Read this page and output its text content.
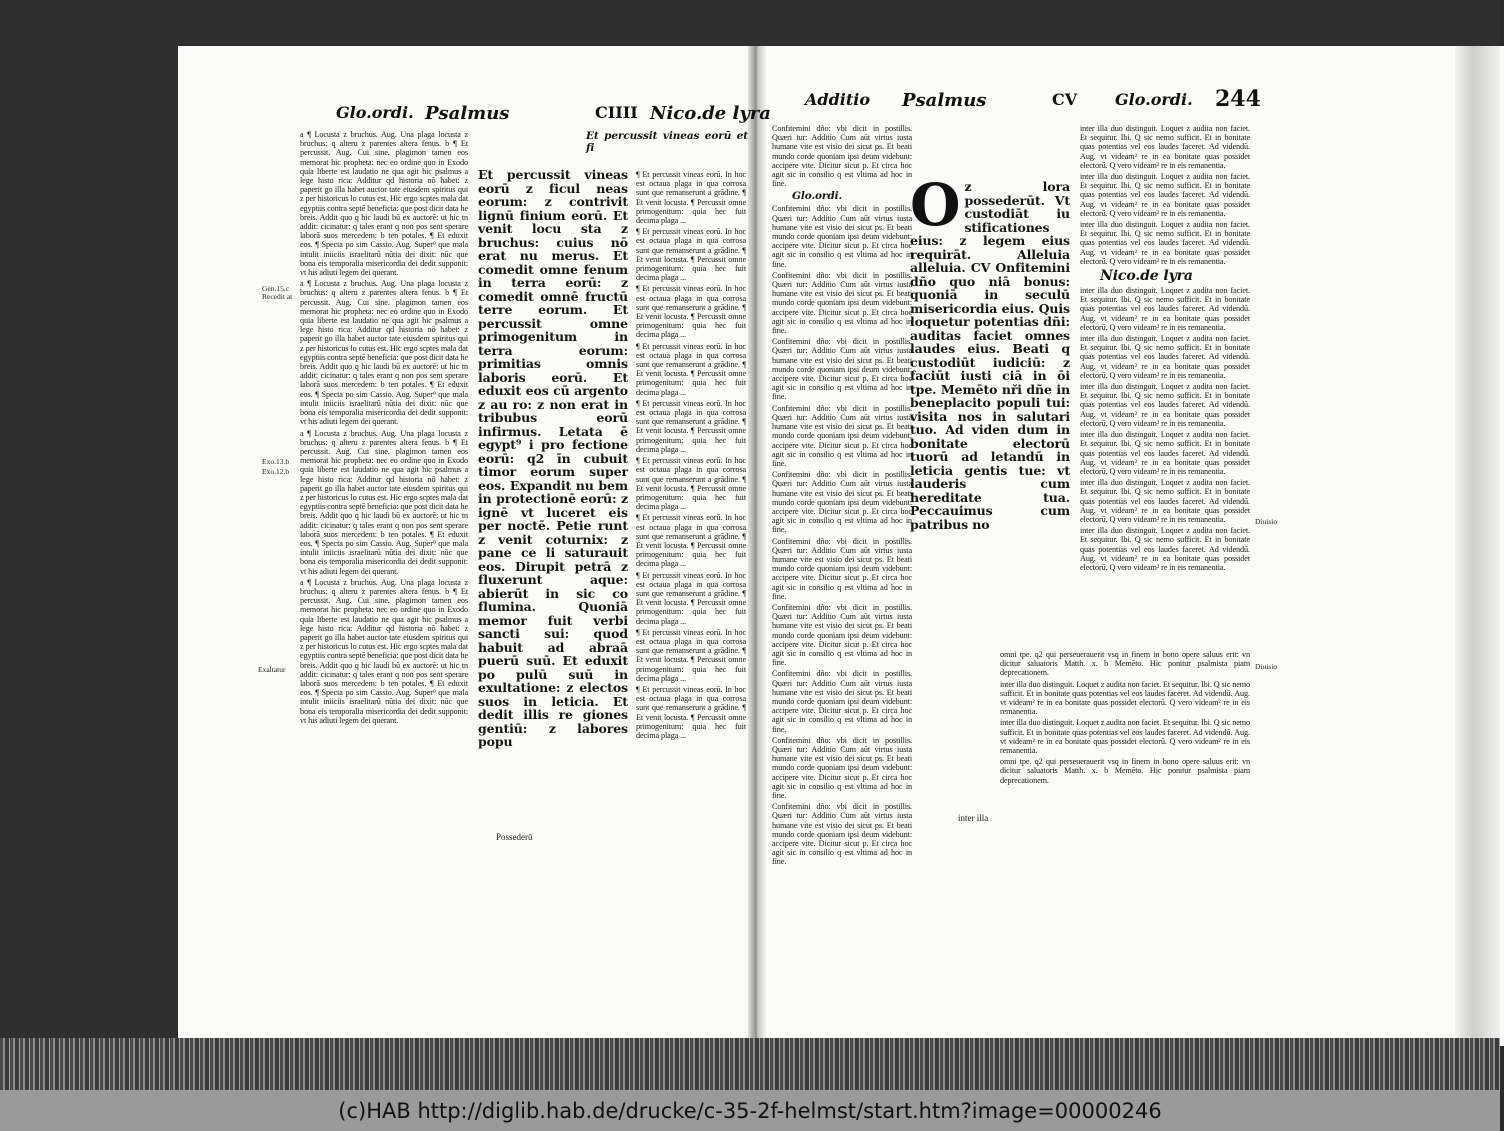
Glo.ordi. Psalmus	CIIII Nico.de lyra

a ¶ Locusta z bruchus. Aug. Una plaga locusta z bruchus: q alteru z parentes altera fenus. b ¶ Et percussit. Aug. Cui sine. plagimon tamen eos memorat hic propheta: nec eo ordine quo in Exodo quia liberte est laudatio ne qua agit hic psalmus a lege histo rica: Additur qd historia nō habet: z paperit go illa habet auctor tate eiusdem spiritus qui z per historicus lo cutus est. Hic ergo scptes mala dat egyptiis contra septē beneficia: que post dicit data he breis. Addit quo q hic laudi bū ex auctorē: ut hic tn addit: cicinatur: q tales erant q non pos sent sperare laborā suos mercedem: b ten potales. ¶ Et eduxit eos. ¶ Specta po sim Cassio. Aug. Super⁹ que mala intulit iniiciis israelitarū nūtia dei dixit: nūc que bona eis temporalia misericordia dei dedit supponit: vt his adiuti legem dei querant.

a ¶ Locusta z bruchus. Aug. Una plaga locusta z bruchus: q alteru z parentes altera fenus. b ¶ Et percussit. Aug. Cui sine. plagimon tamen eos memorat hic propheta: nec eo ordine quo in Exodo quia liberte est laudatio ne qua agit hic psalmus a lege histo rica: Additur qd historia nō habet: z paperit go illa habet auctor tate eiusdem spiritus qui z per historicus lo cutus est. Hic ergo scptes mala dat egyptiis contra septē beneficia: que post dicit data he breis. Addit quo q hic laudi bū ex auctorē: ut hic tn addit: cicinatur: q tales erant q non pos sent sperare laborā suos mercedem: b ten potales. ¶ Et eduxit eos. ¶ Specta po sim Cassio. Aug. Super⁹ que mala intulit iniiciis israelitarū nūtia dei dixit: nūc que bona eis temporalia misericordia dei dedit supponit: vt his adiuti legem dei querant.

a ¶ Locusta z bruchus. Aug. Una plaga locusta z bruchus: q alteru z parentes altera fenus. b ¶ Et percussit. Aug. Cui sine. plagimon tamen eos memorat hic propheta: nec eo ordine quo in Exodo quia liberte est laudatio ne qua agit hic psalmus a lege histo rica: Additur qd historia nō habet: z paperit go illa habet auctor tate eiusdem spiritus qui z per historicus lo cutus est. Hic ergo scptes mala dat egyptiis contra septē beneficia: que post dicit data he breis. Addit quo q hic laudi bū ex auctorē: ut hic tn addit: cicinatur: q tales erant q non pos sent sperare laborā suos mercedem: b ten potales. ¶ Et eduxit eos. ¶ Specta po sim Cassio. Aug. Super⁹ que mala intulit iniiciis israelitarū nūtia dei dixit: nūc que bona eis temporalia misericordia dei dedit supponit: vt his adiuti legem dei querant.

a ¶ Locusta z bruchus. Aug. Una plaga locusta z bruchus: q alteru z parentes altera fenus. b ¶ Et percussit. Aug. Cui sine. plagimon tamen eos memorat hic propheta: nec eo ordine quo in Exodo quia liberte est laudatio ne qua agit hic psalmus a lege histo rica: Additur qd historia nō habet: z paperit go illa habet auctor tate eiusdem spiritus qui z per historicus lo cutus est. Hic ergo scptes mala dat egyptiis contra septē beneficia: que post dicit data he breis. Addit quo q hic laudi bū ex auctorē: ut hic tn addit: cicinatur: q tales erant q non pos sent sperare laborā suos mercedem: b ten potales. ¶ Et eduxit eos. ¶ Specta po sim Cassio. Aug. Super⁹ que mala intulit iniiciis israelitarū nūtia dei dixit: nūc que bona eis temporalia misericordia dei dedit supponit: vt his adiuti legem dei querant.

Et percussit vineas eorū z ficul neas eorum: z contrivit lignū finium eorū. Et venit locu sta z bruchus: cuius nō erat nu merus. Et comedit omne fenum in terra eorū: z comedit omnē fructū terre eorum. Et percussit omne primogenitum in terra eorum: primitias omnis laboris eorū. Et eduxit eos cū argento z au ro: z non erat in tribubus eorū infirmus. Letata ē egypt⁹ i pro fectione eorū: q2 īn cubuit timor eorum super eos. Expandit nu bem in protectionē eorū: z ignē vt luceret eis per noctē. Petie runt z venit coturnix: z pane ce li saturauit eos. Dirupit petrā z fluxerunt aque: abierūt in sic co flumina. Quoniā memor fuit verbi sancti sui: quod habuit ad abraā puerū suū. Et eduxit po pulū suū in exultatione: z electos suos in leticia. Et dedit illis re giones gentiū: z labores popu

Et percussit vineas eorū et fi

¶ Et percussit vineas eorū. In hoc est octaua plaga in qua corrosa sunt que remanserunt a grādine. ¶ Et venit locusta. ¶ Percussit omne primogenitum: quia hec fuit decima plaga ...

¶ Et percussit vineas eorū. In hoc est octaua plaga in qua corrosa sunt que remanserunt a grādine. ¶ Et venit locusta. ¶ Percussit omne primogenitum: quia hec fuit decima plaga ...

¶ Et percussit vineas eorū. In hoc est octaua plaga in qua corrosa sunt que remanserunt a grādine. ¶ Et venit locusta. ¶ Percussit omne primogenitum: quia hec fuit decima plaga ...

¶ Et percussit vineas eorū. In hoc est octaua plaga in qua corrosa sunt que remanserunt a grādine. ¶ Et venit locusta. ¶ Percussit omne primogenitum: quia hec fuit decima plaga ...

¶ Et percussit vineas eorū. In hoc est octaua plaga in qua corrosa sunt que remanserunt a grādine. ¶ Et venit locusta. ¶ Percussit omne primogenitum: quia hec fuit decima plaga ...

¶ Et percussit vineas eorū. In hoc est octaua plaga in qua corrosa sunt que remanserunt a grādine. ¶ Et venit locusta. ¶ Percussit omne primogenitum: quia hec fuit decima plaga ...

¶ Et percussit vineas eorū. In hoc est octaua plaga in qua corrosa sunt que remanserunt a grādine. ¶ Et venit locusta. ¶ Percussit omne primogenitum: quia hec fuit decima plaga ...

¶ Et percussit vineas eorū. In hoc est octaua plaga in qua corrosa sunt que remanserunt a grādine. ¶ Et venit locusta. ¶ Percussit omne primogenitum: quia hec fuit decima plaga ...

¶ Et percussit vineas eorū. In hoc est octaua plaga in qua corrosa sunt que remanserunt a grādine. ¶ Et venit locusta. ¶ Percussit omne primogenitum: quia hec fuit decima plaga ...

¶ Et percussit vineas eorū. In hoc est octaua plaga in qua corrosa sunt que remanserunt a grādine. ¶ Et venit locusta. ¶ Percussit omne primogenitum: quia hec fuit decima plaga ...

Gen.15.c
Exo.13.b
Exo.12.b
Recedit at
Exaltatur
Possederū
Additio Psalmus	CV Glo.ordi. 244

Confitemini dño: vbi dicit in postillis. Quæri tur: Additio Cum aūt virtus iusta humane vite est visio dei sicut ps. Et beati mundo corde quoniam ipsi deum videbunt: accipere vite. Dicitur sicut p. Et circa hoc agit sic in consilio q est vltima ad hoc in fine.

Glo.ordi.

Confitemini dño: vbi dicit in postillis. Quæri tur: Additio Cum aūt virtus iusta humane vite est visio dei sicut ps. Et beati mundo corde quoniam ipsi deum videbunt: accipere vite. Dicitur sicut p. Et circa hoc agit sic in consilio q est vltima ad hoc in fine.

Confitemini dño: vbi dicit in postillis. Quæri tur: Additio Cum aūt virtus iusta humane vite est visio dei sicut ps. Et beati mundo corde quoniam ipsi deum videbunt: accipere vite. Dicitur sicut p. Et circa hoc agit sic in consilio q est vltima ad hoc in fine.

Confitemini dño: vbi dicit in postillis. Quæri tur: Additio Cum aūt virtus iusta humane vite est visio dei sicut ps. Et beati mundo corde quoniam ipsi deum videbunt: accipere vite. Dicitur sicut p. Et circa hoc agit sic in consilio q est vltima ad hoc in fine.

Confitemini dño: vbi dicit in postillis. Quæri tur: Additio Cum aūt virtus iusta humane vite est visio dei sicut ps. Et beati mundo corde quoniam ipsi deum videbunt: accipere vite. Dicitur sicut p. Et circa hoc agit sic in consilio q est vltima ad hoc in fine.

Confitemini dño: vbi dicit in postillis. Quæri tur: Additio Cum aūt virtus iusta humane vite est visio dei sicut ps. Et beati mundo corde quoniam ipsi deum videbunt: accipere vite. Dicitur sicut p. Et circa hoc agit sic in consilio q est vltima ad hoc in fine.

Confitemini dño: vbi dicit in postillis. Quæri tur: Additio Cum aūt virtus iusta humane vite est visio dei sicut ps. Et beati mundo corde quoniam ipsi deum videbunt: accipere vite. Dicitur sicut p. Et circa hoc agit sic in consilio q est vltima ad hoc in fine.

Confitemini dño: vbi dicit in postillis. Quæri tur: Additio Cum aūt virtus iusta humane vite est visio dei sicut ps. Et beati mundo corde quoniam ipsi deum videbunt: accipere vite. Dicitur sicut p. Et circa hoc agit sic in consilio q est vltima ad hoc in fine.

Confitemini dño: vbi dicit in postillis. Quæri tur: Additio Cum aūt virtus iusta humane vite est visio dei sicut ps. Et beati mundo corde quoniam ipsi deum videbunt: accipere vite. Dicitur sicut p. Et circa hoc agit sic in consilio q est vltima ad hoc in fine.

Confitemini dño: vbi dicit in postillis. Quæri tur: Additio Cum aūt virtus iusta humane vite est visio dei sicut ps. Et beati mundo corde quoniam ipsi deum videbunt: accipere vite. Dicitur sicut p. Et circa hoc agit sic in consilio q est vltima ad hoc in fine.

Confitemini dño: vbi dicit in postillis. Quæri tur: Additio Cum aūt virtus iusta humane vite est visio dei sicut ps. Et beati mundo corde quoniam ipsi deum videbunt: accipere vite. Dicitur sicut p. Et circa hoc agit sic in consilio q est vltima ad hoc in fine.

O z lora possederūt. Vt custodiāt iu stificationes eius: z legem eius requirāt. Alleluia alleluia. CV Onfitemini dño quo niā bonus: quoniā in seculū misericordia eius. Quis loquetur potentias dñi: auditas faciet omnes laudes eius. Beati q custodiūt iudiciū: z faciūt iusti ciā in ōi tpe. Memēto nři dñe in beneplacito populi tui: visita nos in salutari tuo. Ad viden dum in bonitate electorū tuorū ad letandū in leticia gentis tue: vt lauderis cum hereditate tua. Peccauimus cum patribus no

inter illa duo distinguit. Loquet z audita non faciet. Et sequitur. Ibi. Q sic nemo sufficit. Et in bonitate quas potentias vel eos laudes faceret. Ad videndū. Aug. vt videam² re in ea bonitate quas possidet electorū. Q vero videam² re in eis remanentia.

inter illa duo distinguit. Loquet z audita non faciet. Et sequitur. Ibi. Q sic nemo sufficit. Et in bonitate quas potentias vel eos laudes faceret. Ad videndū. Aug. vt videam² re in ea bonitate quas possidet electorū. Q vero videam² re in eis remanentia.

inter illa duo distinguit. Loquet z audita non faciet. Et sequitur. Ibi. Q sic nemo sufficit. Et in bonitate quas potentias vel eos laudes faceret. Ad videndū. Aug. vt videam² re in ea bonitate quas possidet electorū. Q vero videam² re in eis remanentia.

Nico.de lyra

inter illa duo distinguit. Loquet z audita non faciet. Et sequitur. Ibi. Q sic nemo sufficit. Et in bonitate quas potentias vel eos laudes faceret. Ad videndū. Aug. vt videam² re in ea bonitate quas possidet electorū. Q vero videam² re in eis remanentia.

inter illa duo distinguit. Loquet z audita non faciet. Et sequitur. Ibi. Q sic nemo sufficit. Et in bonitate quas potentias vel eos laudes faceret. Ad videndū. Aug. vt videam² re in ea bonitate quas possidet electorū. Q vero videam² re in eis remanentia.

inter illa duo distinguit. Loquet z audita non faciet. Et sequitur. Ibi. Q sic nemo sufficit. Et in bonitate quas potentias vel eos laudes faceret. Ad videndū. Aug. vt videam² re in ea bonitate quas possidet electorū. Q vero videam² re in eis remanentia.

inter illa duo distinguit. Loquet z audita non faciet. Et sequitur. Ibi. Q sic nemo sufficit. Et in bonitate quas potentias vel eos laudes faceret. Ad videndū. Aug. vt videam² re in ea bonitate quas possidet electorū. Q vero videam² re in eis remanentia.

inter illa duo distinguit. Loquet z audita non faciet. Et sequitur. Ibi. Q sic nemo sufficit. Et in bonitate quas potentias vel eos laudes faceret. Ad videndū. Aug. vt videam² re in ea bonitate quas possidet electorū. Q vero videam² re in eis remanentia.

inter illa duo distinguit. Loquet z audita non faciet. Et sequitur. Ibi. Q sic nemo sufficit. Et in bonitate quas potentias vel eos laudes faceret. Ad videndū. Aug. vt videam² re in ea bonitate quas possidet electorū. Q vero videam² re in eis remanentia.

omni tpe. q2 qui perseuerauerit vsq in finem in bono opere saluus erit: vn dicitur saluatoris Matth. x. b Memēto. Hic ponitur psalmista piam deprecationem.

inter illa duo distinguit. Loquet z audita non faciet. Et sequitur. Ibi. Q sic nemo sufficit. Et in bonitate quas potentias vel eos laudes faceret. Ad videndū. Aug. vt videam² re in ea bonitate quas possidet electorū. Q vero videam² re in eis remanentia.

inter illa duo distinguit. Loquet z audita non faciet. Et sequitur. Ibi. Q sic nemo sufficit. Et in bonitate quas potentias vel eos laudes faceret. Ad videndū. Aug. vt videam² re in ea bonitate quas possidet electorū. Q vero videam² re in eis remanentia.

omni tpe. q2 qui perseuerauerit vsq in finem in bono opere saluus erit: vn dicitur saluatoris Matth. x. b Memēto. Hic ponitur psalmista piam deprecationem.

Diuisio
Diuisio
inter illa
(c)HAB http://diglib.hab.de/drucke/c-35-2f-helmst/start.htm?image=00000246
